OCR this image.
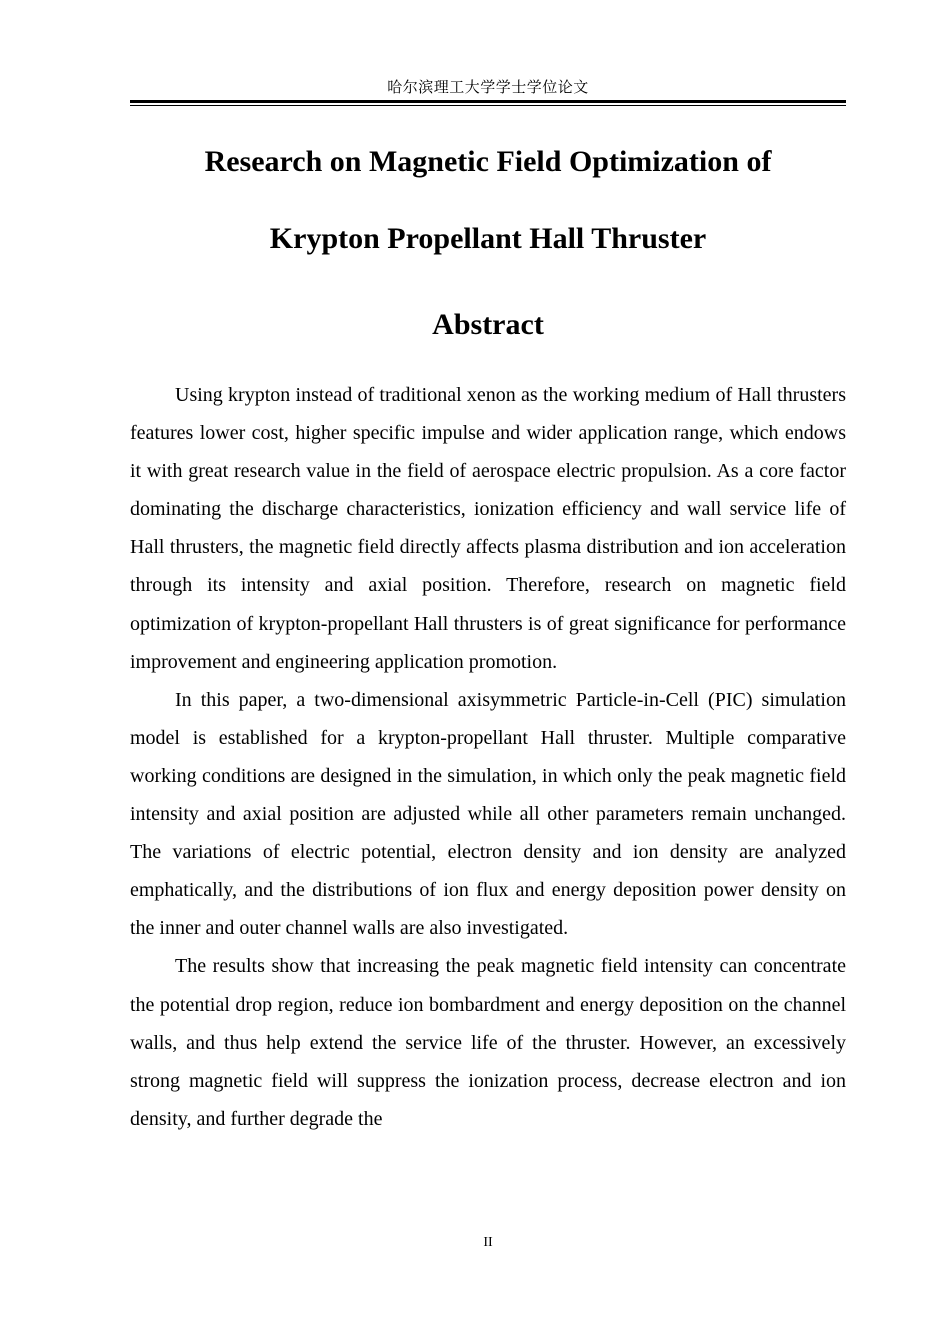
哈尔滨理工大学学士学位论文
Research on Magnetic Field Optimization of
Krypton Propellant Hall Thruster
Abstract

Using krypton instead of traditional xenon as the working medium of Hall thrusters features lower cost, higher specific impulse and wider application range, which endows it with great research value in the field of aerospace electric propulsion. As a core factor dominating the discharge characteristics, ionization efficiency and wall service life of Hall thrusters, the magnetic field directly affects plasma distribution and ion acceleration through its intensity and axial position. Therefore, research on magnetic field optimization of krypton-propellant Hall thrusters is of great significance for performance improvement and engineering application promotion.

In this paper, a two-dimensional axisymmetric Particle-in-Cell (PIC) simulation model is established for a krypton-propellant Hall thruster. Multiple comparative working conditions are designed in the simulation, in which only the peak magnetic field intensity and axial position are adjusted while all other parameters remain unchanged. The variations of electric potential, electron density and ion density are analyzed emphatically, and the distributions of ion flux and energy deposition power density on the inner and outer channel walls are also investigated.

The results show that increasing the peak magnetic field intensity can concentrate the potential drop region, reduce ion bombardment and energy deposition on the channel walls, and thus help extend the service life of the thruster. However, an excessively strong magnetic field will suppress the ionization process, decrease electron and ion density, and further degrade the

II
